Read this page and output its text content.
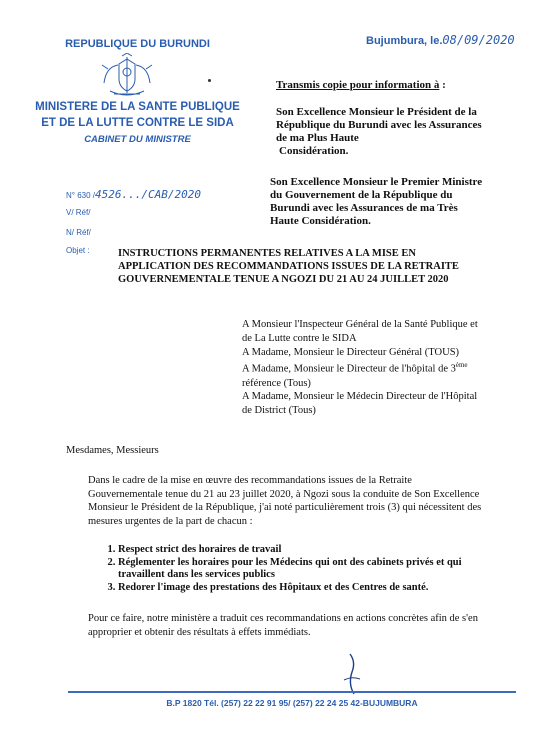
REPUBLIQUE DU BURUNDI
MINISTERE DE LA SANTE PUBLIQUE
ET DE LA LUTTE CONTRE LE SIDA
CABINET DU MINISTRE
Bujumbura, le.08/09/2020
Transmis copie pour information à :
Son Excellence Monsieur le Président de la
République du Burundi avec les Assurances
de ma Plus Haute
Considération.
Son Excellence Monsieur le Premier Ministre
du Gouvernement de la République du
Burundi avec les Assurances de ma Très
Haute Considération.
N° 630 /4526.../CAB/2020
V/ Réf/
N/ Réf/
Objet :	INSTRUCTIONS PERMANENTES RELATIVES A LA MISE EN
APPLICATION DES RECOMMANDATIONS ISSUES DE LA RETRAITE
GOUVERNEMENTALE TENUE A NGOZI DU 21 AU 24 JUILLET 2020
A Monsieur l'Inspecteur Général de la Santé Publique et
de La Lutte contre le SIDA
A Madame, Monsieur le Directeur Général (TOUS)
A Madame, Monsieur le Directeur de l'hôpital de 3ème
référence (Tous)
A Madame, Monsieur le Médecin Directeur de l'Hôpital
de District (Tous)
Mesdames, Messieurs
Dans le cadre de la mise en œuvre des recommandations issues de la Retraite
Gouvernementale tenue du 21 au 23 juillet 2020, à Ngozi sous la conduite de Son Excellence
Monsieur le Président de la République, j'ai noté particulièrement trois (3) qui nécessitent des
mesures urgentes de la part de chacun :
1. Respect strict des horaires de travail
2. Réglementer les horaires pour les Médecins qui ont des cabinets privés et qui
travaillent dans les services publics
3. Redorer l'image des prestations des Hôpitaux et des Centres de santé.
Pour ce faire, notre ministère a traduit ces recommandations en actions concrètes afin de s'en
approprier et obtenir des résultats à effets immédiats.
B.P 1820 Tél. (257) 22 22 91 95/ (257) 22 24 25 42-BUJUMBURA
